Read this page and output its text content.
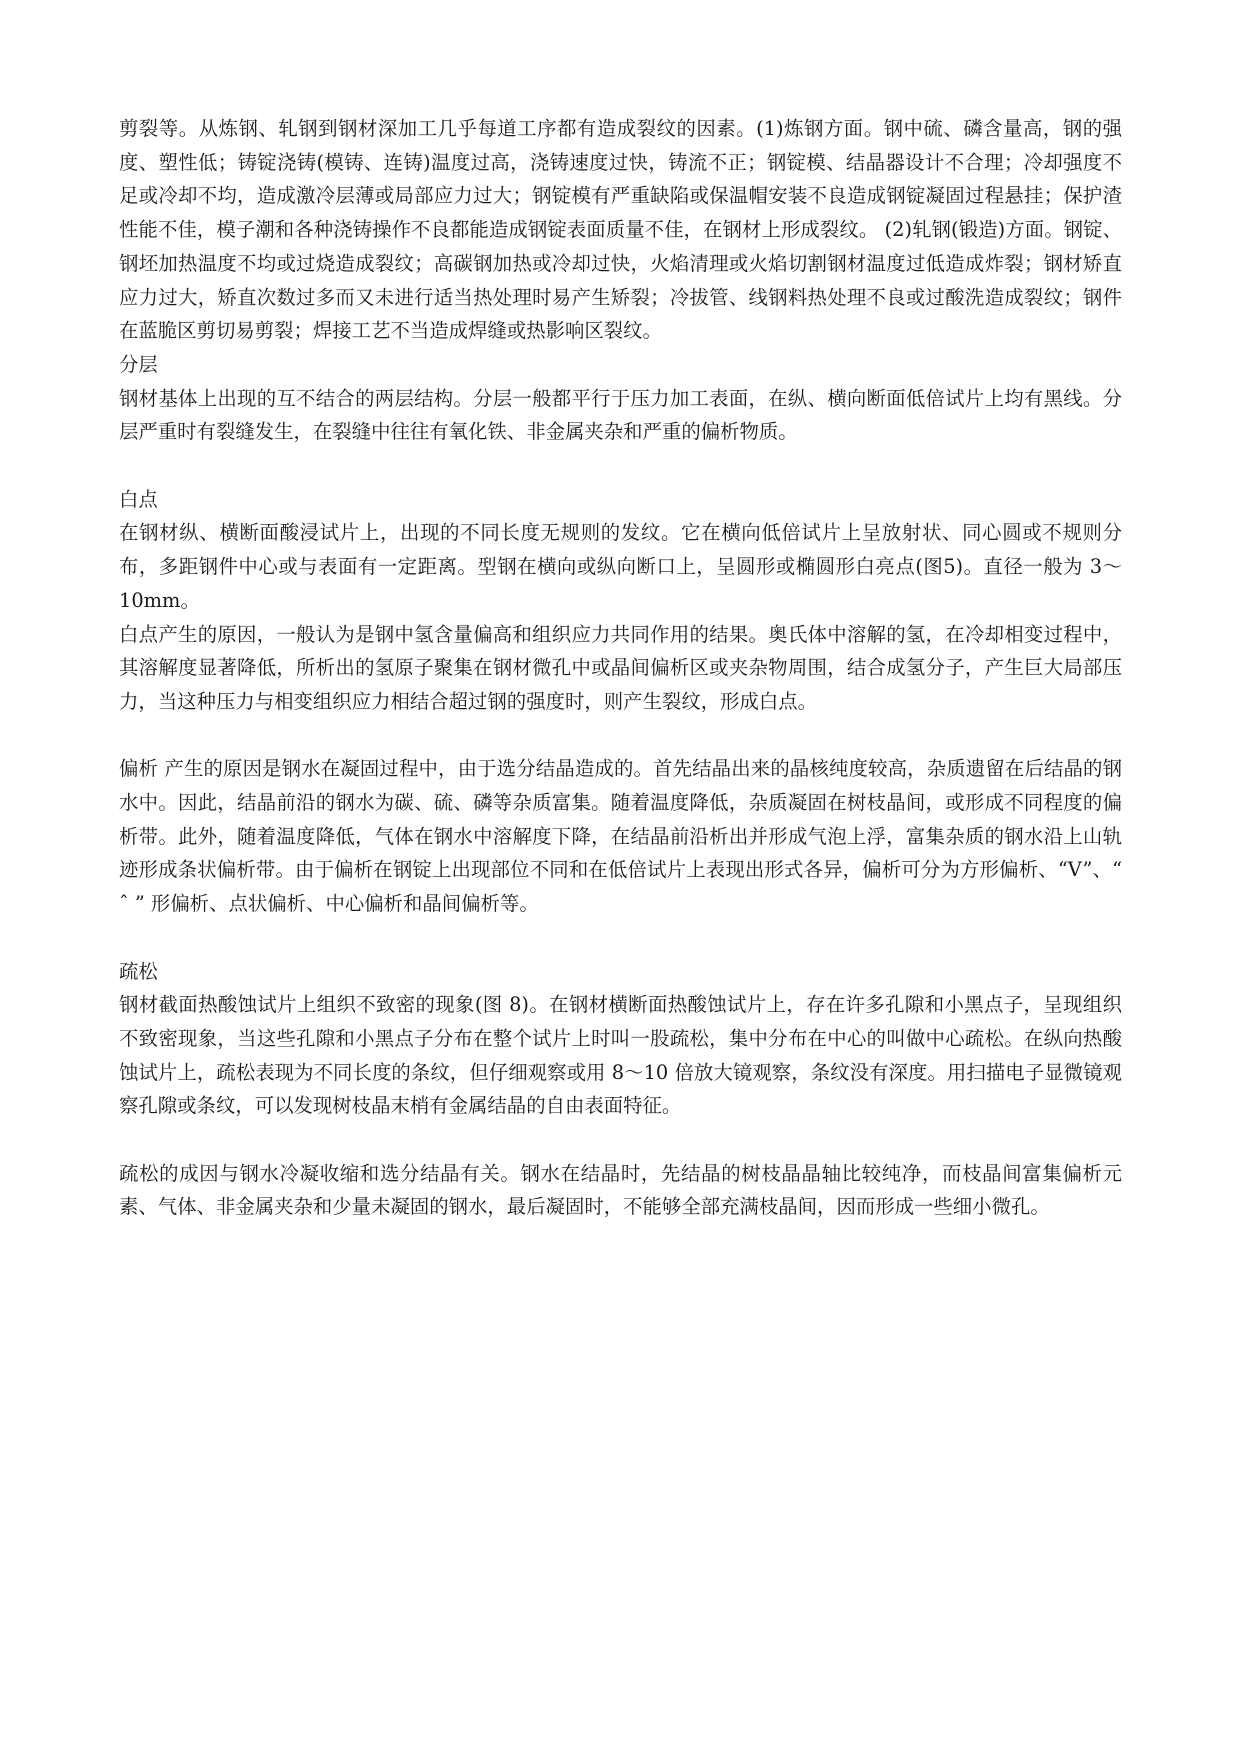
剪裂等。从炼钢、轧钢到钢材深加工几乎每道工序都有造成裂纹的因素。(1)炼钢方面。钢中硫、磷含量高，钢的强度、塑性低；铸锭浇铸(模铸、连铸)温度过高，浇铸速度过快，铸流不正；钢锭模、结晶器设计不合理；冷却强度不足或冷却不均，造成激冷层薄或局部应力过大；钢锭模有严重缺陷或保温帽安装不良造成钢锭凝固过程悬挂；保护渣性能不佳，模子潮和各种浇铸操作不良都能造成钢锭表面质量不佳，在钢材上形成裂纹。 (2)轧钢(锻造)方面。钢锭、钢坯加热温度不均或过烧造成裂纹；高碳钢加热或冷却过快，火焰清理或火焰切割钢材温度过低造成炸裂；钢材矫直应力过大，矫直次数过多而又未进行适当热处理时易产生矫裂；冷拔管、线钢料热处理不良或过酸洗造成裂纹；钢件在蓝脆区剪切易剪裂；焊接工艺不当造成焊缝或热影响区裂纹。

分层

钢材基体上出现的互不结合的两层结构。分层一般都平行于压力加工表面，在纵、横向断面低倍试片上均有黑线。分层严重时有裂缝发生，在裂缝中往往有氧化铁、非金属夹杂和严重的偏析物质。

白点

在钢材纵、横断面酸浸试片上，出现的不同长度无规则的发纹。它在横向低倍试片上呈放射状、同心圆或不规则分布，多距钢件中心或与表面有一定距离。型钢在横向或纵向断口上，呈圆形或椭圆形白亮点(图5)。直径一般为 3～10mm。

白点产生的原因，一般认为是钢中氢含量偏高和组织应力共同作用的结果。奥氏体中溶解的氢，在冷却相变过程中，其溶解度显著降低，所析出的氢原子聚集在钢材微孔中或晶间偏析区或夹杂物周围，结合成氢分子，产生巨大局部压力，当这种压力与相变组织应力相结合超过钢的强度时，则产生裂纹，形成白点。

偏析 产生的原因是钢水在凝固过程中，由于选分结晶造成的。首先结晶出来的晶核纯度较高，杂质遗留在后结晶的钢水中。因此，结晶前沿的钢水为碳、硫、磷等杂质富集。随着温度降低，杂质凝固在树枝晶间，或形成不同程度的偏析带。此外，随着温度降低，气体在钢水中溶解度下降，在结晶前沿析出并形成气泡上浮，富集杂质的钢水沿上山轨迹形成条状偏析带。由于偏析在钢锭上出现部位不同和在低倍试片上表现出形式各异，偏析可分为方形偏析、“V”、“ ˆ ” 形偏析、点状偏析、中心偏析和晶间偏析等。

疏松

钢材截面热酸蚀试片上组织不致密的现象(图 8)。在钢材横断面热酸蚀试片上，存在许多孔隙和小黑点子，呈现组织不致密现象，当这些孔隙和小黑点子分布在整个试片上时叫一股疏松，集中分布在中心的叫做中心疏松。在纵向热酸蚀试片上，疏松表现为不同长度的条纹，但仔细观察或用 8～10 倍放大镜观察，条纹没有深度。用扫描电子显微镜观察孔隙或条纹，可以发现树枝晶末梢有金属结晶的自由表面特征。

疏松的成因与钢水冷凝收缩和选分结晶有关。钢水在结晶时，先结晶的树枝晶晶轴比较纯净，而枝晶间富集偏析元素、气体、非金属夹杂和少量未凝固的钢水，最后凝固时，不能够全部充满枝晶间，因而形成一些细小微孔。
